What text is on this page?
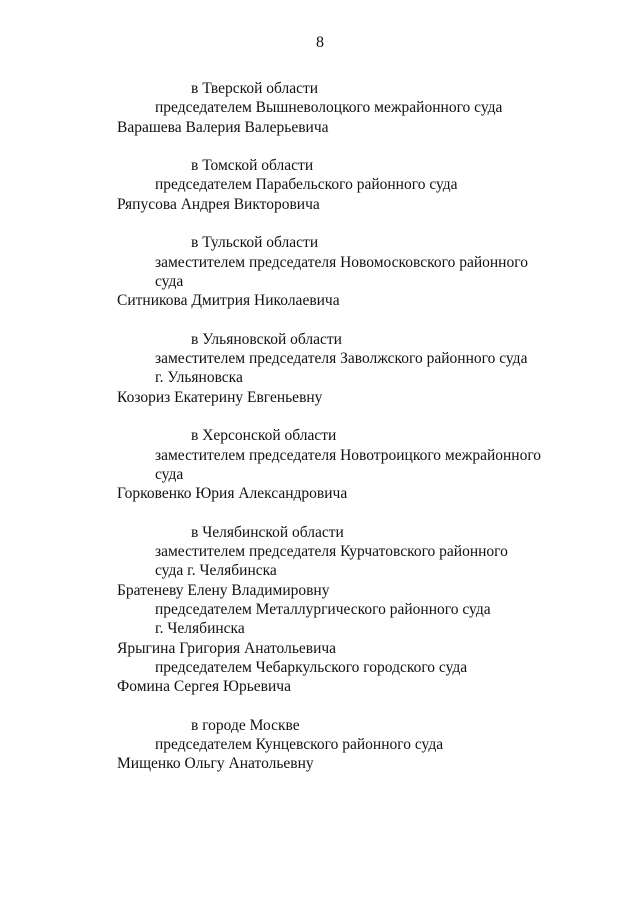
8
в Тверской области
председателем Вышневолоцкого межрайонного суда
Варашева Валерия Валерьевича
в Томской области
председателем Парабельского районного суда
Ряпусова Андрея Викторовича
в Тульской области
заместителем председателя Новомосковского районного
суда
Ситникова Дмитрия Николаевича
в Ульяновской области
заместителем председателя Заволжского районного суда
г. Ульяновска
Козориз Екатерину Евгеньевну
в Херсонской области
заместителем председателя Новотроицкого межрайонного
суда
Горковенко Юрия Александровича
в Челябинской области
заместителем председателя Курчатовского районного
суда г. Челябинска
Братеневу Елену Владимировну
председателем Металлургического районного суда
г. Челябинска
Ярыгина Григория Анатольевича
председателем Чебаркульского городского суда
Фомина Сергея Юрьевича
в городе Москве
председателем Кунцевского районного суда
Мищенко Ольгу Анатольевну
